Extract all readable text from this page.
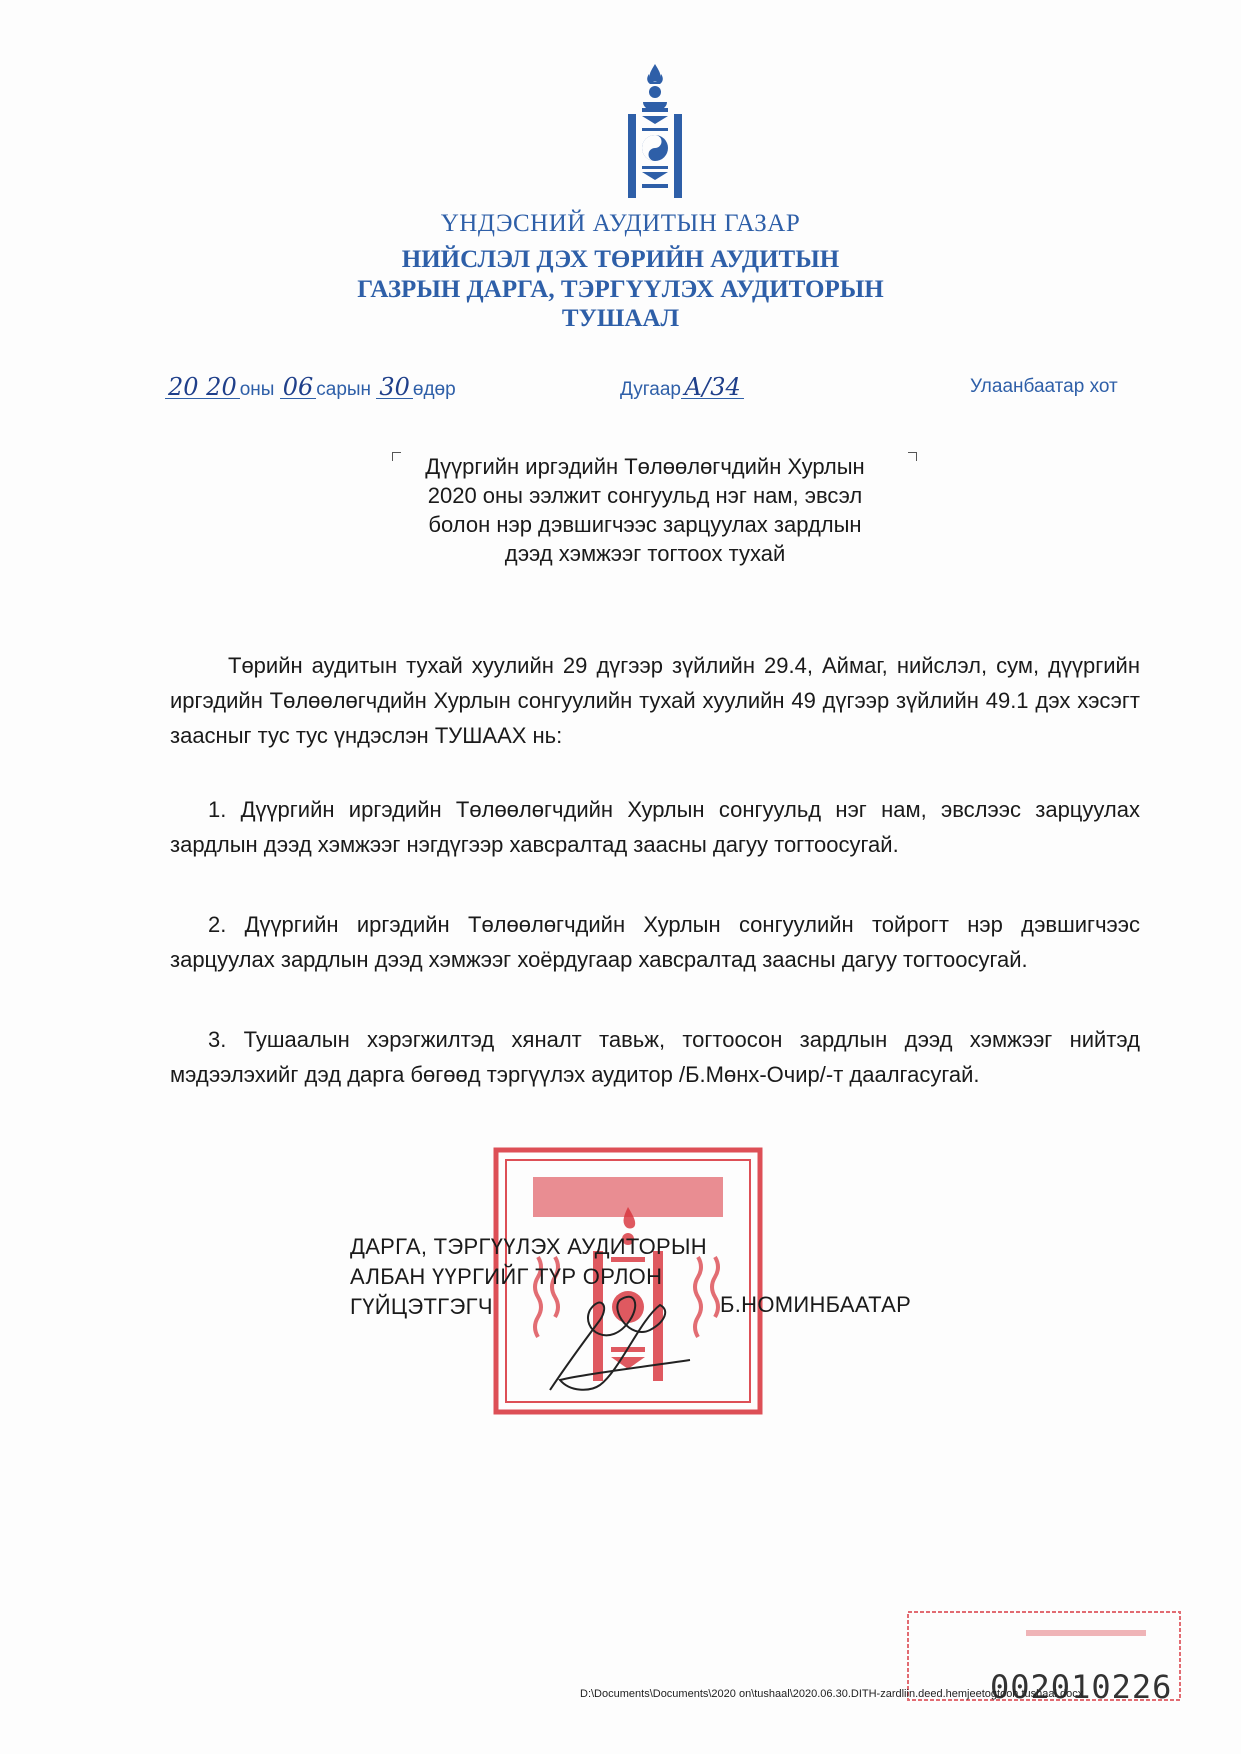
ҮНДЭСНИЙ АУДИТЫН ГАЗАР
НИЙСЛЭЛ ДЭХ ТӨРИЙН АУДИТЫН
ГАЗРЫН ДАРГА, ТЭРГҮҮЛЭХ АУДИТОРЫН
ТУШААЛ
20 20 оны 06 сарын 30 өдөр	Дугаар А/34	Улаанбаатар хот
Дүүргийн иргэдийн Төлөөлөгчдийн Хурлын
2020 оны ээлжит сонгуульд нэг нам, эвсэл
болон нэр дэвшигчээс зарцуулах зардлын
дээд хэмжээг тогтоох тухай
Төрийн аудитын тухай хуулийн 29 дүгээр зүйлийн 29.4, Аймаг, нийслэл, сум, дүүргийн иргэдийн Төлөөлөгчдийн Хурлын сонгуулийн тухай хуулийн 49 дүгээр зүйлийн 49.1 дэх хэсэгт заасныг тус тус үндэслэн ТУШААХ нь:
1. Дүүргийн иргэдийн Төлөөлөгчдийн Хурлын сонгуульд нэг нам, эвслээс зарцуулах зардлын дээд хэмжээг нэгдүгээр хавсралтад заасны дагуу тогтоосугай.
2. Дүүргийн иргэдийн Төлөөлөгчдийн Хурлын сонгуулийн тойрогт нэр дэвшигчээс зарцуулах зардлын дээд хэмжээг хоёрдугаар хавсралтад заасны дагуу тогтоосугай.
3. Тушаалын хэрэгжилтэд хяналт тавьж, тогтоосон зардлын дээд хэмжээг нийтэд мэдээлэхийг дэд дарга бөгөөд тэргүүлэх аудитор /Б.Мөнх-Очир/-т даалгасугай.
ДАРГА, ТЭРГҮҮЛЭХ АУДИТОРЫН
АЛБАН ҮҮРГИЙГ ТҮР ОРЛОН
ГҮЙЦЭТГЭГЧ	Б.НОМИНБААТАР
002010226
D:\Documents\Documents\2020 on\tushaal\2020.06.30.DITH-zardliin.deed.hemjeetogtooh.tushaal.docx
